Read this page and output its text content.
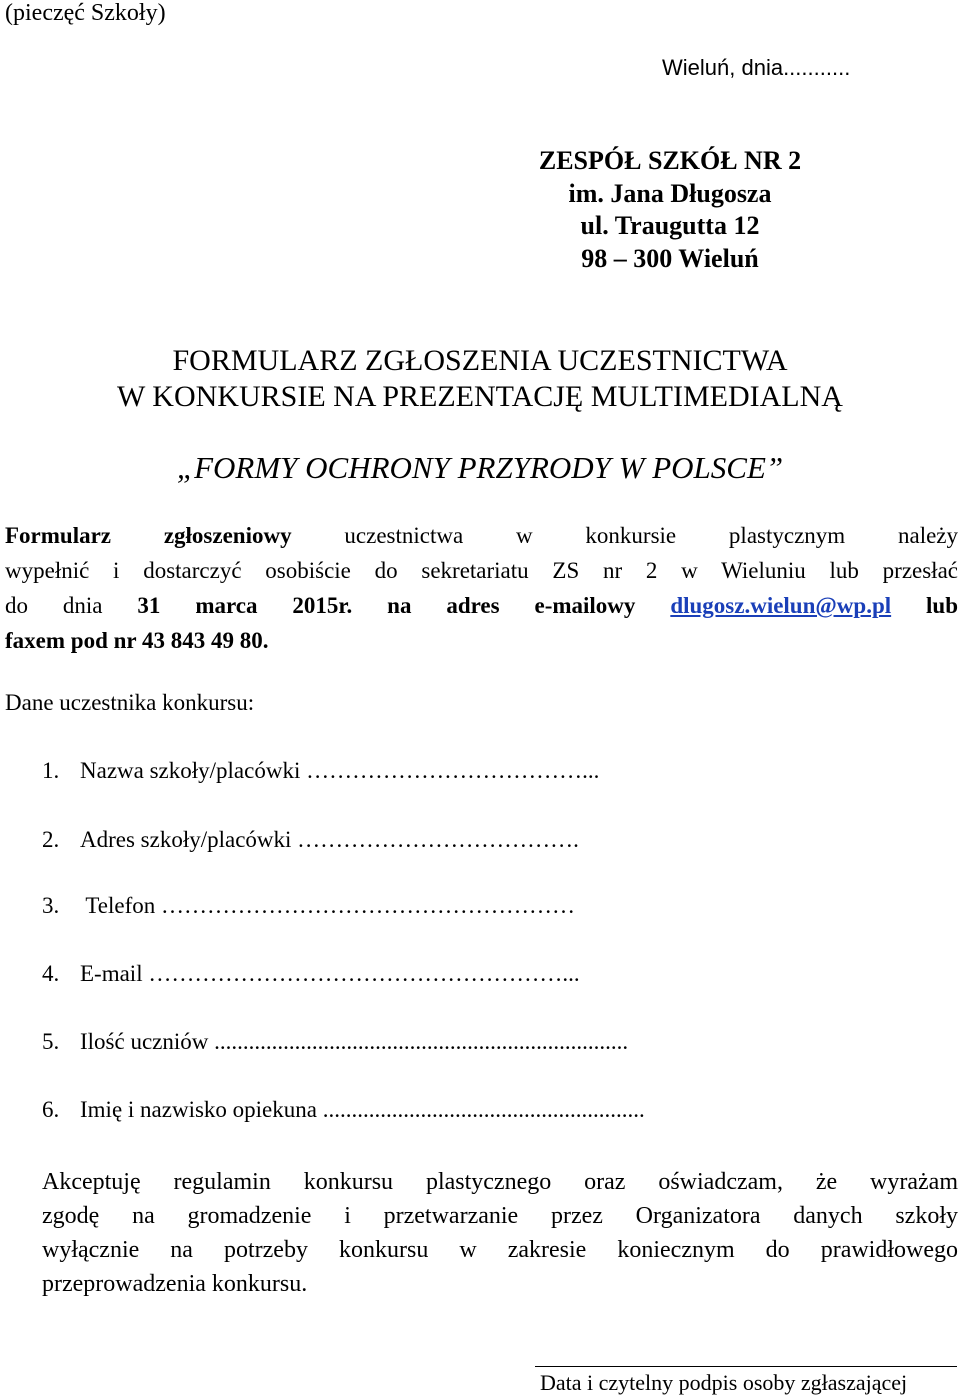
(pieczęć Szkoły)
Wieluń, dnia...........
ZESPÓŁ SZKÓŁ NR 2
im. Jana Długosza
ul. Traugutta 12
98 – 300 Wieluń
FORMULARZ ZGŁOSZENIA UCZESTNICTWA
W KONKURSIE NA PREZENTACJĘ MULTIMEDIALNĄ
„FORMY OCHRONY PRZYRODY W POLSCE”
Formularz zgłoszeniowy uczestnictwa w konkursie plastycznym należy
wypełnić i dostarczyć osobiście do sekretariatu ZS nr 2 w Wieluniu lub przesłać
do dnia 31 marca 2015r. na adres e-mailowy dlugosz.wielun@wp.pl lub
faxem pod nr 43 843 49 80.
Dane uczestnika konkursu:
1. Nazwa szkoły/placówki ………………………………...
2. Adres szkoły/placówki ……………………………….
3. Telefon ………………………………………………
4. E-mail ………………………………………………...
5. Ilość uczniów ........................................................................
6. Imię i nazwisko opiekuna ........................................................
Akceptuję regulamin konkursu plastycznego oraz oświadczam, że wyrażam
zgodę na gromadzenie i przetwarzanie przez Organizatora danych szkoły
wyłącznie na potrzeby konkursu w zakresie koniecznym do prawidłowego
przeprowadzenia konkursu.
Data i czytelny podpis osoby zgłaszającej
